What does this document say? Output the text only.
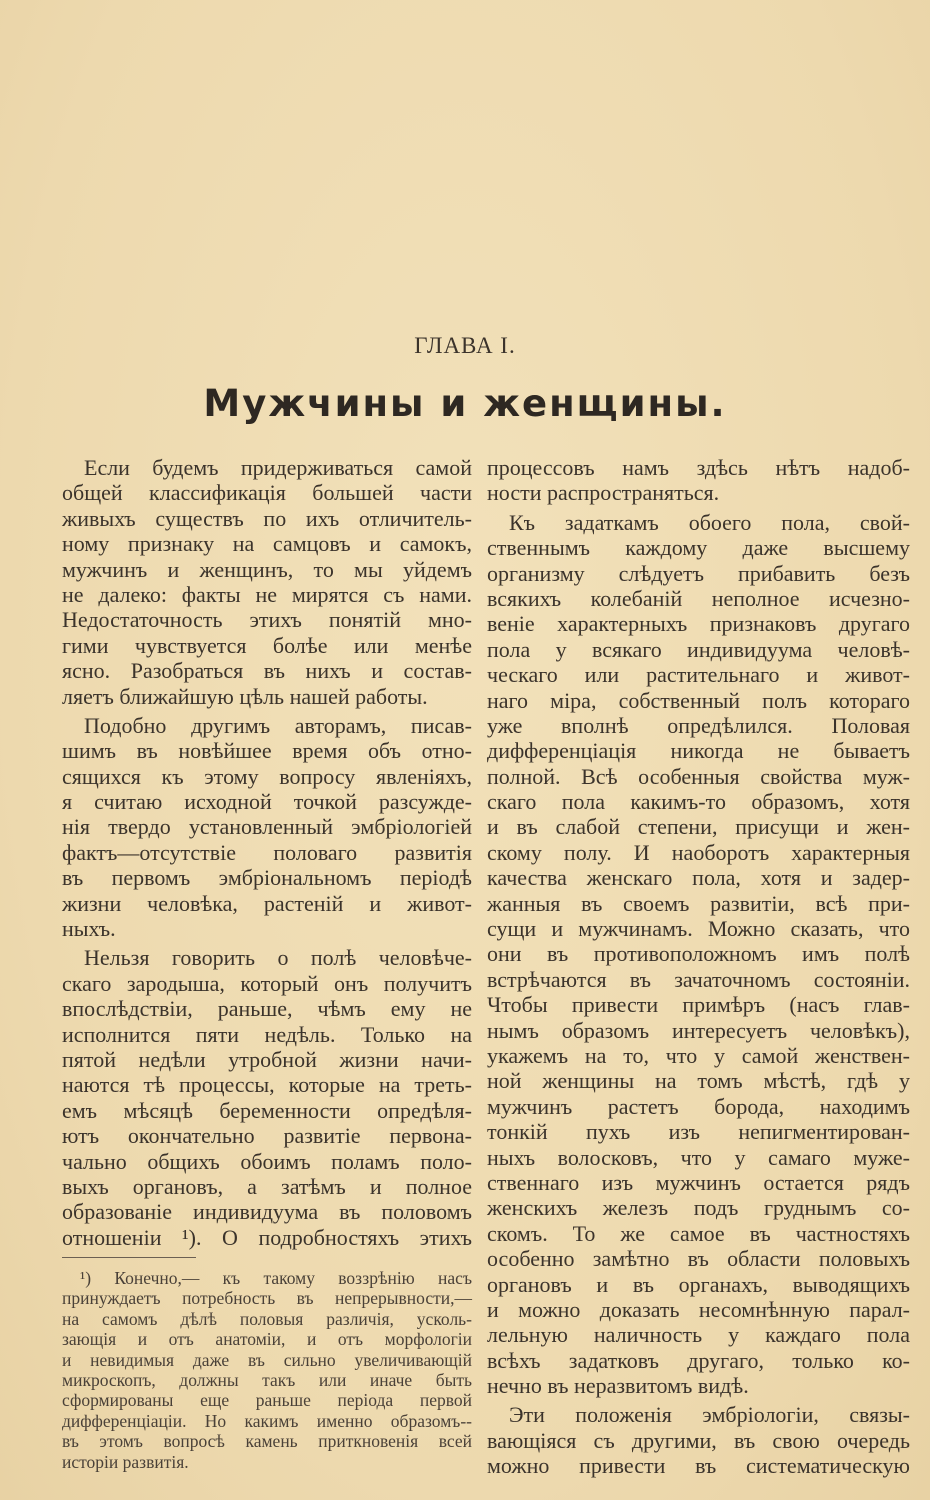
ГЛАВА I.
Мужчины и женщины.
Если будемъ придерживаться самой
общей классификацiя большей части
живыхъ существъ по ихъ отличитель-
ному признаку на самцовъ и самокъ,
мужчинъ и женщинъ, то мы уйдемъ
не далеко: факты не мирятся съ нами.
Недостаточность этихъ понятiй мно-
гими чувствуется болѣе или менѣе
ясно. Разобраться въ нихъ и состав-
ляетъ ближайшую цѣль нашей работы.
Подобно другимъ авторамъ, писав-
шимъ въ новѣйшее время объ отно-
сящихся къ этому вопросу явленiяхъ,
я считаю исходной точкой разсужде-
нiя твердо установленный эмбрiологiей
фактъ—отсутствiе половаго развитiя
въ первомъ эмбрiональномъ перiодѣ
жизни человѣка, растенiй и живот-
ныхъ.
Нельзя говорить о полѣ человѣче-
скаго зародыша, который онъ получитъ
впослѣдствiи, раньше, чѣмъ ему не
исполнится пяти недѣль. Только на
пятой недѣли утробной жизни начи-
наются тѣ процессы, которые на треть-
емъ мѣсяцѣ беременности опредѣля-
ютъ окончательно развитiе первона-
чально общихъ обоимъ поламъ поло-
выхъ органовъ, а затѣмъ и полное
образованiе индивидуума въ половомъ
отношенiи ¹). О подробностяхъ этихъ
процессовъ намъ здѣсь нѣтъ надоб-
ности распространяться.
Къ задаткамъ обоего пола, свой-
ственнымъ каждому даже высшему
организму слѣдуетъ прибавить безъ
всякихъ колебанiй неполное исчезно-
венiе характерныхъ признаковъ другаго
пола у всякаго индивидуума человѣ-
ческаго или растительнаго и живот-
наго мiра, собственный полъ котораго
уже вполнѣ опредѣлился. Половая
дифференцiацiя никогда не бываетъ
полной. Всѣ особенныя свойства муж-
скаго пола какимъ-то образомъ, хотя
и въ слабой степени, присущи и жен-
скому полу. И наоборотъ характерныя
качества женскаго пола, хотя и задер-
жанныя въ своемъ развитiи, всѣ при-
сущи и мужчинамъ. Можно сказать, что
они въ противоположномъ имъ полѣ
встрѣчаются въ зачаточномъ состоянiи.
Чтобы привести примѣръ (насъ глав-
нымъ образомъ интересуетъ человѣкъ),
укажемъ на то, что у самой женствен-
ной женщины на томъ мѣстѣ, гдѣ у
мужчинъ растетъ борода, находимъ
тонкiй пухъ изъ непигментирован-
ныхъ волосковъ, что у самаго муже-
ственнаго изъ мужчинъ остается рядъ
женскихъ железъ подъ груднымъ со-
скомъ. То же самое въ частностяхъ
особенно замѣтно въ области половыхъ
органовъ и въ органахъ, выводящихъ
и можно доказать несомнѣнную парал-
лельную наличность у каждаго пола
всѣхъ задатковъ другаго, только ко-
нечно въ неразвитомъ видѣ.
Эти положенiя эмбрiологiи, связы-
вающiяся съ другими, въ свою очередь
можно привести въ систематическую
¹) Конечно,— къ такому воззрѣнiю насъ
принуждаетъ потребность въ непрерывности,—
на самомъ дѣлѣ половыя различiя, усколь-
зающiя и отъ анатомiи, и отъ морфологiи
и невидимыя даже въ сильно увеличивающiй
микроскопъ, должны такъ или иначе быть
сформированы еще раньше перiода первой
дифференцiацiи. Но какимъ именно образомъ--
въ этомъ вопросѣ камень приткновенiя всей
исторiи развитiя.
